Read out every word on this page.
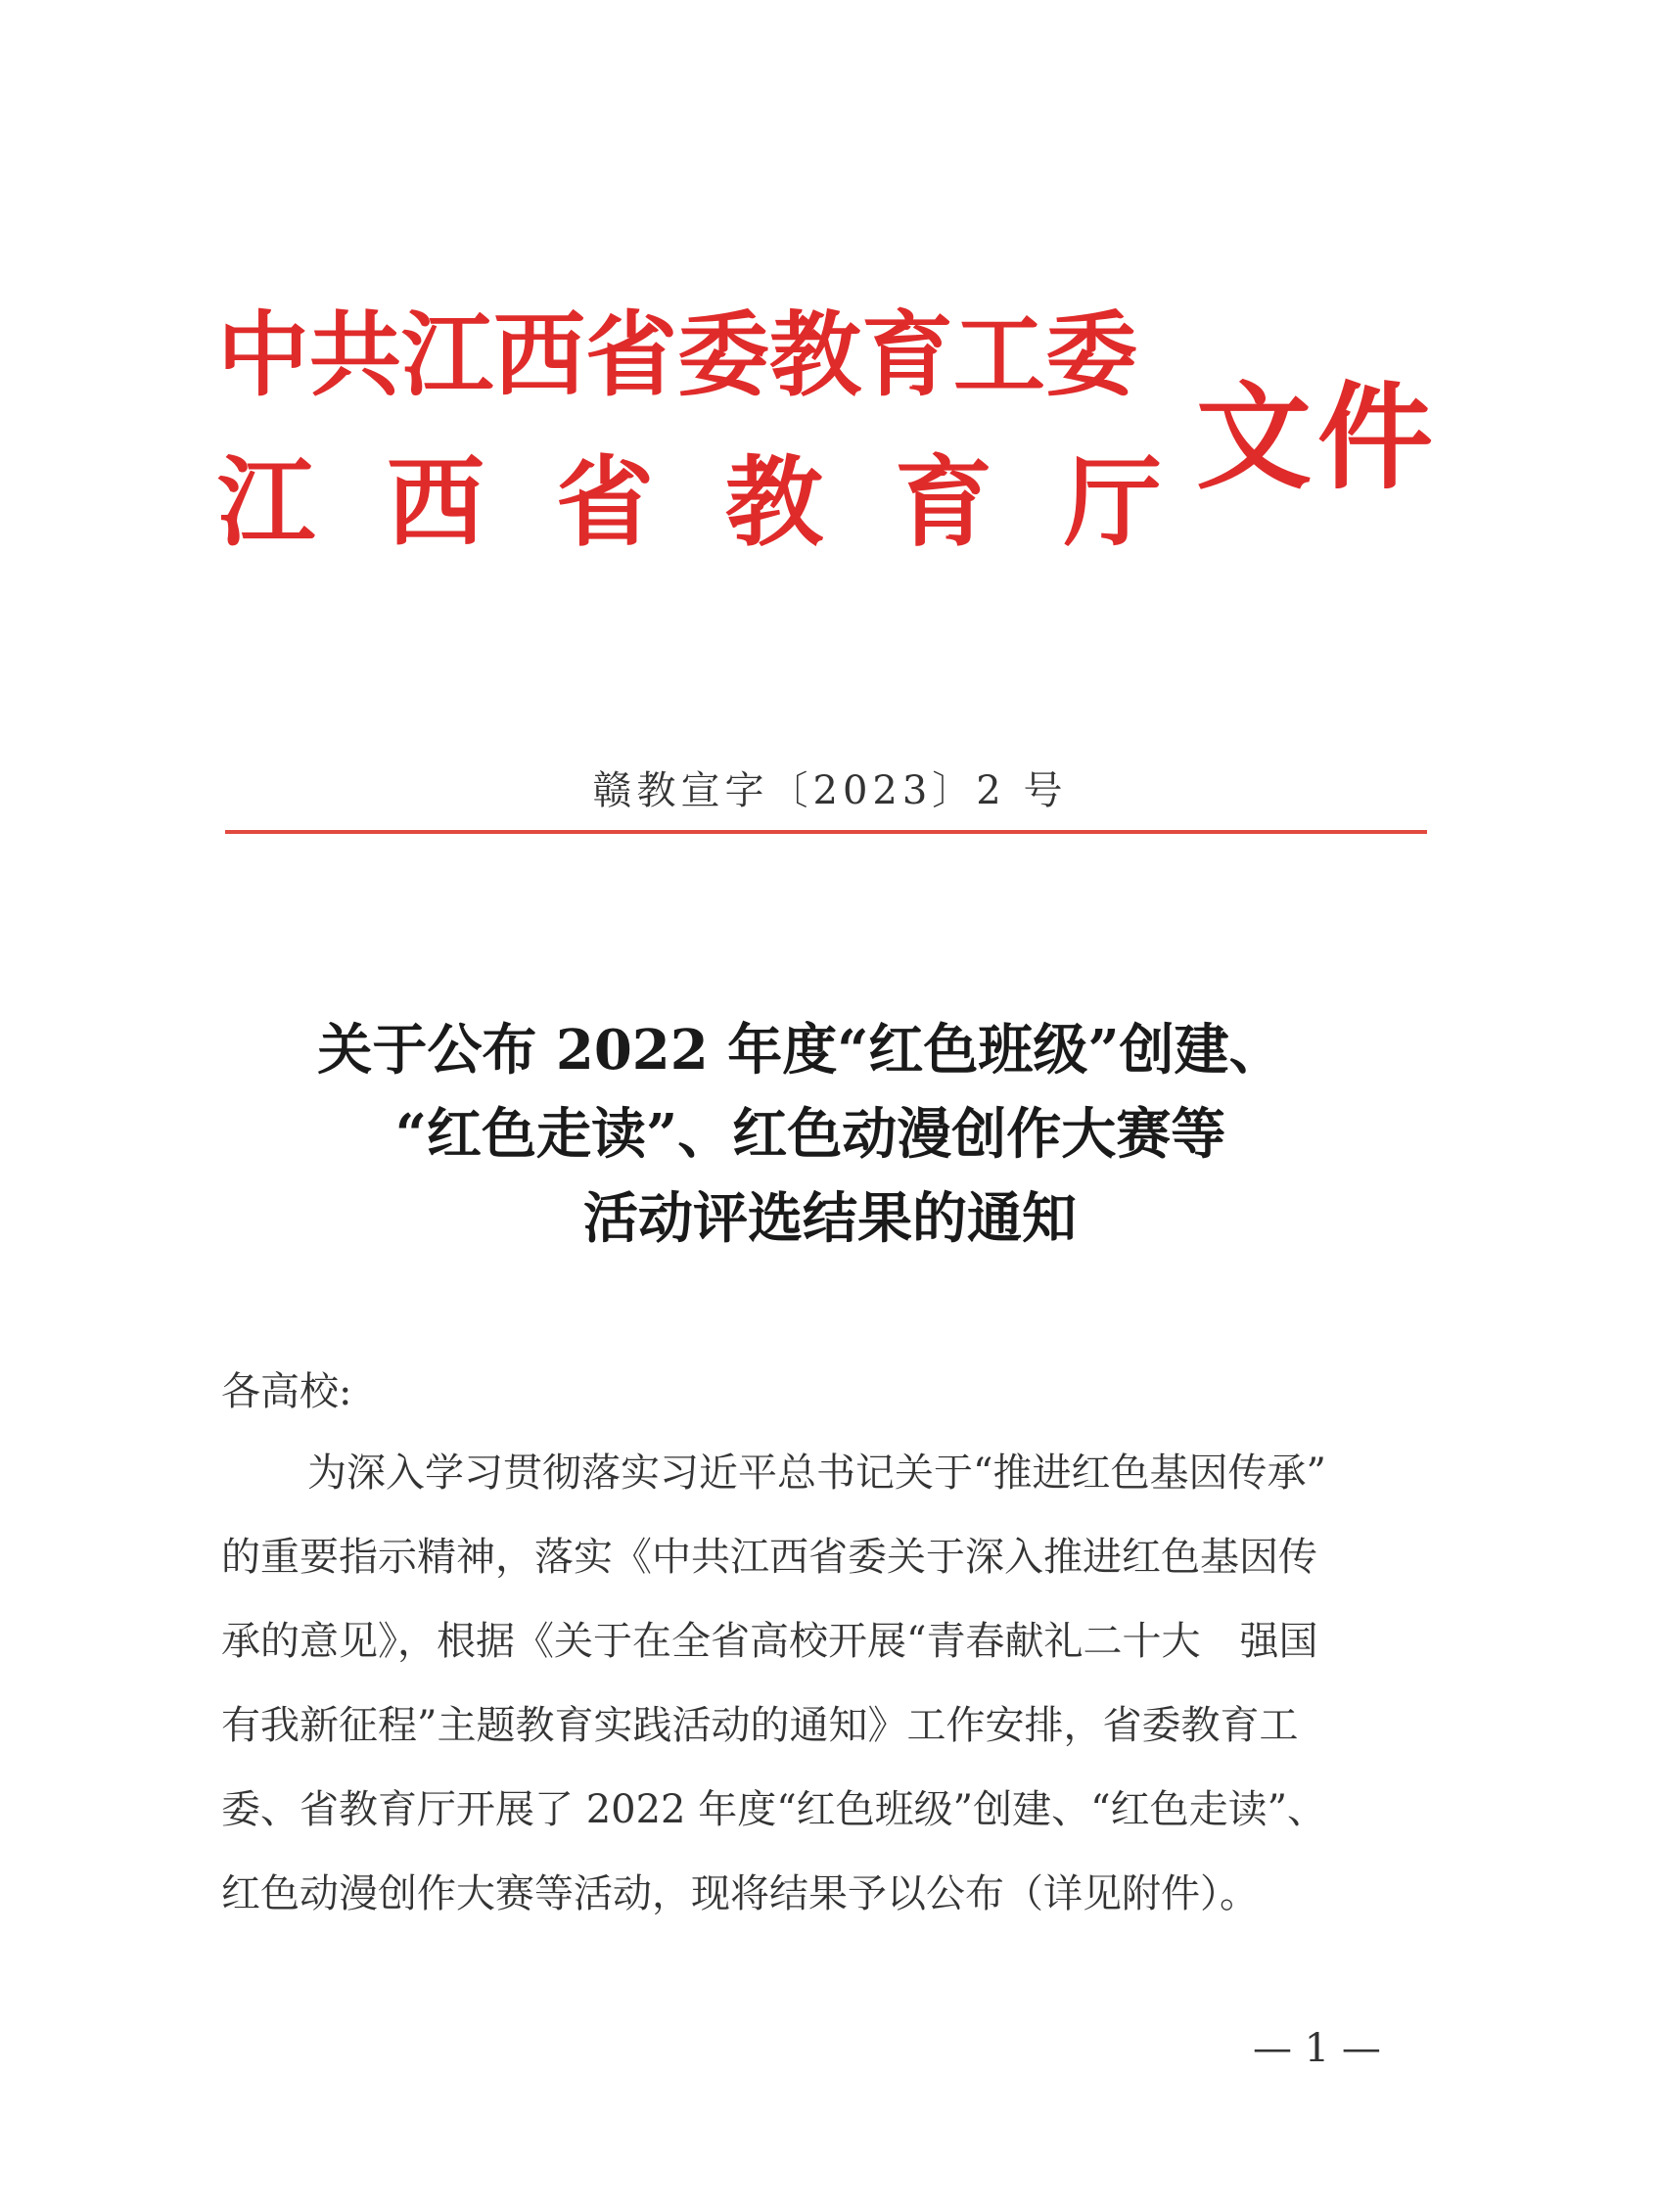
中共江西省委教育工委
江西省教育厅
文件

赣教宣字〔2023〕2 号

关于公布 2022 年度“红色班级”创建、
“红色走读”、红色动漫创作大赛等
活动评选结果的通知

各高校:

为深入学习贯彻落实习近平总书记关于“推进红色基因传承”
的重要指示精神，落实《中共江西省委关于深入推进红色基因传
承的意见》，根据《关于在全省高校开展“青春献礼二十大　强国
有我新征程”主题教育实践活动的通知》工作安排，省委教育工
委、省教育厅开展了 2022 年度“红色班级”创建、“红色走读”、
红色动漫创作大赛等活动，现将结果予以公布（详见附件）。

— 1 —
